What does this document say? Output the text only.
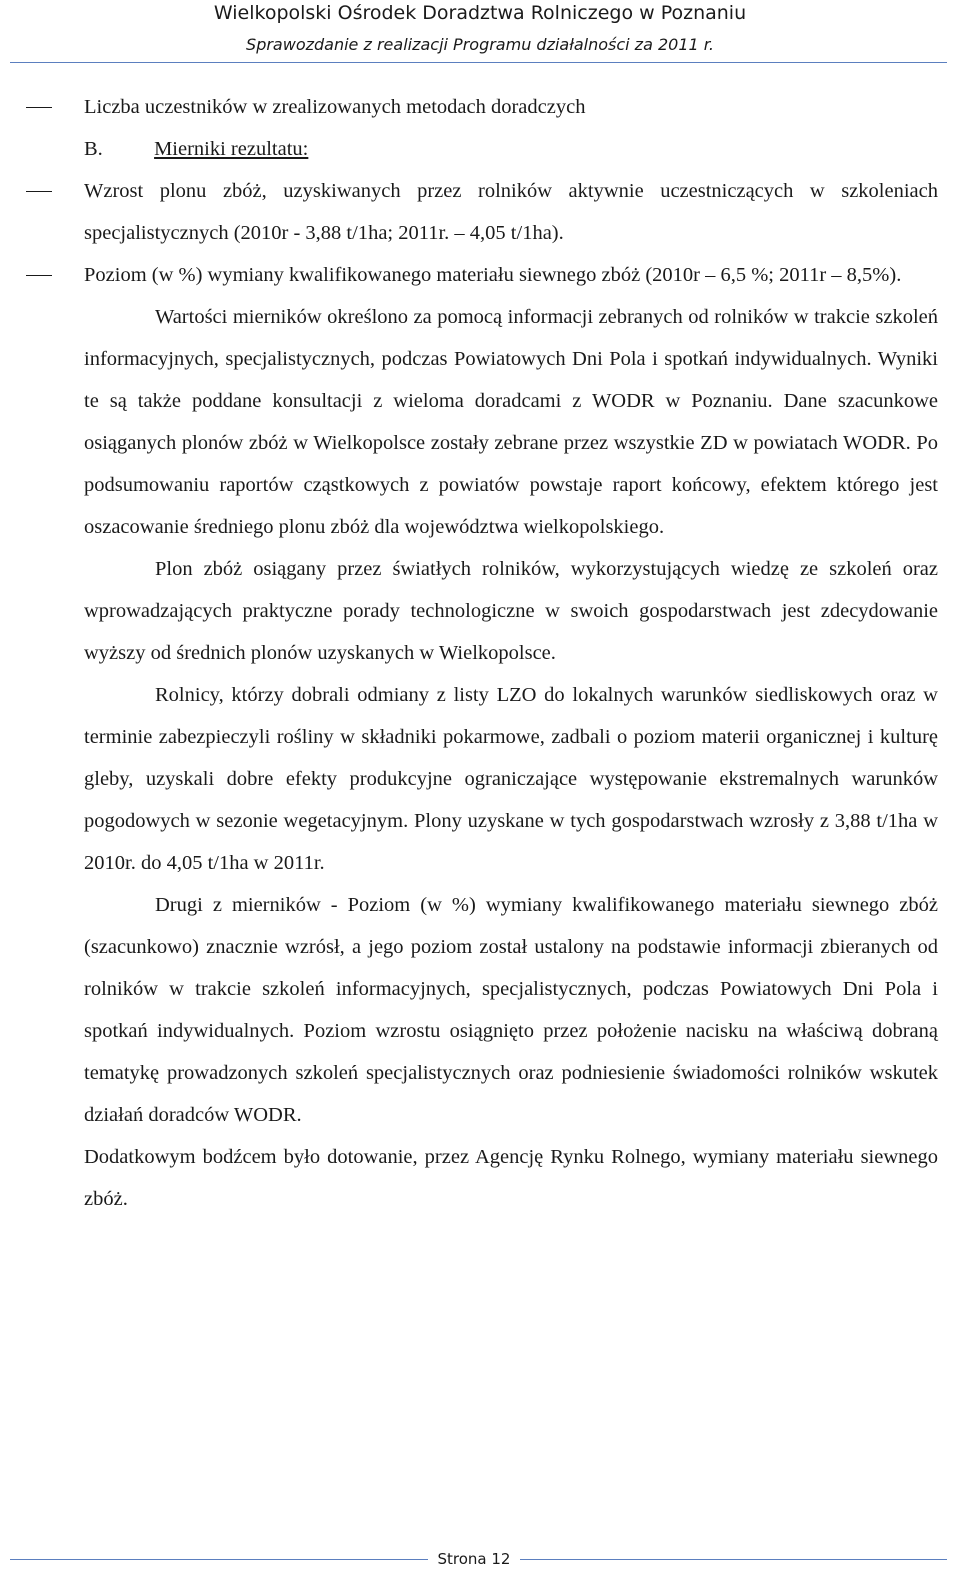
Wielkopolski Ośrodek Doradztwa Rolniczego w Poznaniu
Sprawozdanie z realizacji Programu działalności za 2011 r.

Liczba uczestników w zrealizowanych metodach doradczych

B.	Mierniki rezultatu:

Wzrost plonu zbóż, uzyskiwanych przez rolników aktywnie uczestniczących w szkoleniach specjalistycznych (2010r - 3,88 t/1ha; 2011r. – 4,05 t/1ha).

Poziom (w %) wymiany kwalifikowanego materiału siewnego zbóż (2010r – 6,5 %; 2011r – 8,5%).

Wartości mierników określono za pomocą informacji zebranych od rolników w trakcie szkoleń informacyjnych, specjalistycznych, podczas Powiatowych Dni Pola i spotkań indywidualnych. Wyniki te są także poddane konsultacji z wieloma doradcami z WODR w Poznaniu. Dane szacunkowe osiąganych plonów zbóż w Wielkopolsce zostały zebrane przez wszystkie ZD w powiatach WODR. Po podsumowaniu raportów cząstkowych z powiatów powstaje raport końcowy, efektem którego jest oszacowanie średniego plonu zbóż dla województwa wielkopolskiego.

Plon zbóż osiągany przez światłych rolników, wykorzystujących wiedzę ze szkoleń oraz wprowadzających praktyczne porady technologiczne w swoich gospodarstwach jest zdecydowanie wyższy od średnich plonów uzyskanych w Wielkopolsce.

Rolnicy, którzy dobrali odmiany z listy LZO do lokalnych warunków siedliskowych oraz w terminie zabezpieczyli rośliny w składniki pokarmowe, zadbali o poziom materii organicznej i kulturę gleby, uzyskali dobre efekty produkcyjne ograniczające występowanie ekstremalnych warunków pogodowych w sezonie wegetacyjnym. Plony uzyskane w tych gospodarstwach wzrosły z 3,88 t/1ha w 2010r. do 4,05 t/1ha w 2011r.

Drugi z mierników - Poziom (w %) wymiany kwalifikowanego materiału siewnego zbóż (szacunkowo) znacznie wzrósł, a jego poziom został ustalony na podstawie informacji zbieranych od rolników w trakcie szkoleń informacyjnych, specjalistycznych, podczas Powiatowych Dni Pola i spotkań indywidualnych. Poziom wzrostu osiągnięto przez położenie nacisku na właściwą dobraną tematykę prowadzonych szkoleń specjalistycznych oraz podniesienie świadomości rolników wskutek działań doradców WODR.

Dodatkowym bodźcem było dotowanie, przez Agencję Rynku Rolnego, wymiany materiału siewnego zbóż.

Strona 12
